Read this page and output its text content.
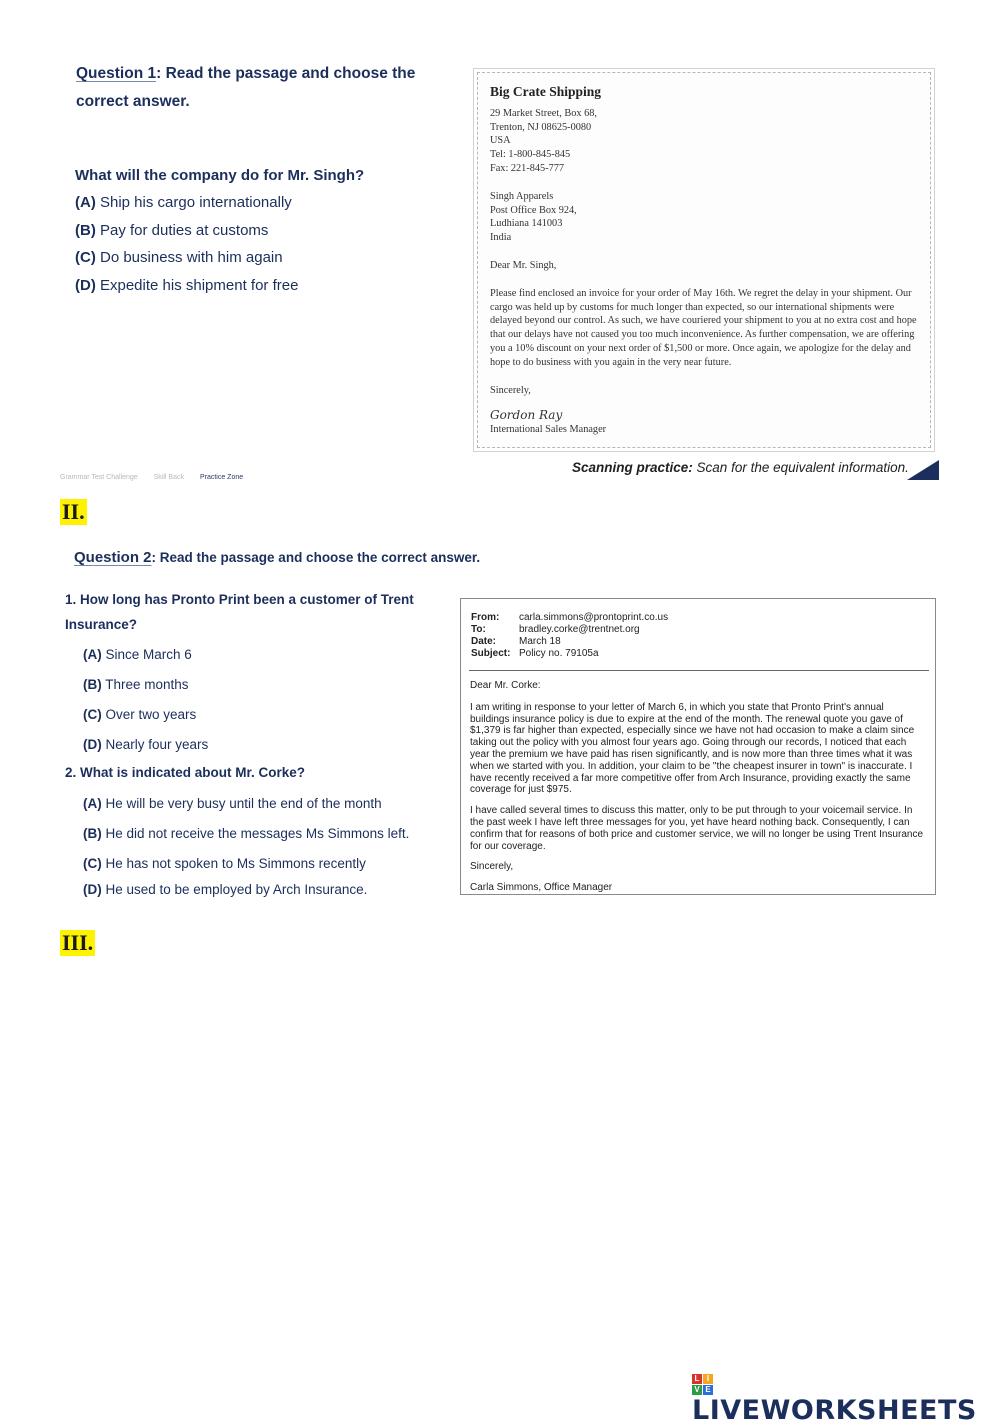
Question 1: Read the passage and choose the
correct answer.
What will the company do for Mr. Singh?
(A) Ship his cargo internationally
(B) Pay for duties at customs
(C) Do business with him again
(D) Expedite his shipment for free

Big Crate Shipping

29 Market Street, Box 68,

Trenton, NJ 08625-0080

USA

Tel: 1-800-845-845

Fax: 221-845-777

Singh Apparels

Post Office Box 924,

Ludhiana 141003

India

Dear Mr. Singh,

Please find enclosed an invoice for your order of May 16th. We regret the delay in your shipment. Our cargo was held up by customs for much longer than expected, so our international shipments were delayed beyond our control. As such, we have couriered your shipment to you at no extra cost and hope that our delays have not caused you too much inconvenience. As further compensation, we are offering you a 10% discount on your next order of $1,500 or more. Once again, we apologize for the delay and hope to do business with you again in the very near future.

Sincerely,

Gordon Ray

International Sales Manager

Scanning practice: Scan for the equivalent information.
Grammar Test Challenge Skill Back Practice Zone
II.
Question 2: Read the passage and choose the correct answer.
1. How long has Pronto Print been a customer of Trent
Insurance?
(A) Since March 6
(B) Three months
(C) Over two years
(D) Nearly four years
2. What is indicated about Mr. Corke?
(A) He will be very busy until the end of the month
(B) He did not receive the messages Ms Simmons left.
(C) He has not spoken to Ms Simmons recently
(D) He used to be employed by Arch Insurance.
From:	carla.simmons@prontoprint.co.us
To:	bradley.corke@trentnet.org
Date:	March 18
Subject:	Policy no. 79105a

Dear Mr. Corke:

I am writing in response to your letter of March 6, in which you state that Pronto Print's annual buildings insurance policy is due to expire at the end of the month. The renewal quote you gave of $1,379 is far higher than expected, especially since we have not had occasion to make a claim since taking out the policy with you almost four years ago. Going through our records, I noticed that each year the premium we have paid has risen significantly, and is now more than three times what it was when we started with you. In addition, your claim to be "the cheapest insurer in town" is inaccurate. I have recently received a far more competitive offer from Arch Insurance, providing exactly the same coverage for just $975.

I have called several times to discuss this matter, only to be put through to your voicemail service. In the past week I have left three messages for you, yet have heard nothing back. Consequently, I can confirm that for reasons of both price and customer service, we will no longer be using Trent Insurance for our coverage.

Sincerely,

Carla Simmons, Office Manager

III.
L I
V E
LIVEWORKSHEETS
